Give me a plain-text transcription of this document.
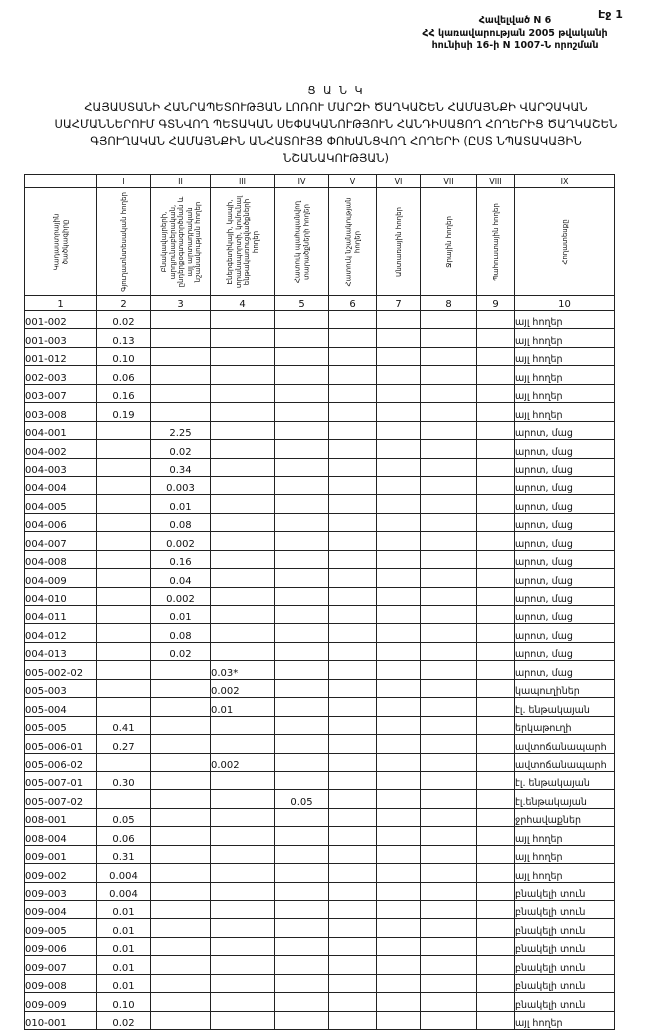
Էջ 1
Հավելված N 6
ՀՀ կառավարության 2005 թվականի
հունիսի 16-ի N 1007-Ն որոշման
Ց Ա Ն Կ
ՀԱՅԱՍՏԱՆԻ ՀԱՆՐԱՊԵՏՈՒԹՅԱՆ ԼՈՌՈՒ ՄԱՐԶԻ ԾԱՂԿԱՇԵՆ ՀԱՄԱՅՆՔԻ ՎԱՐՉԱԿԱՆ
ՍԱՀՄԱՆՆԵՐՈՒՄ ԳՏՆՎՈՂ ՊԵՏԱԿԱՆ ՍԵՓԱԿԱՆՈՒԹՅՈՒՆ ՀԱՆԴԻՍԱՑՈՂ ՀՈՂԵՐԻՑ ԾԱՂԿԱՇԵՆ
ԳՅՈՒՂԱԿԱՆ ՀԱՄԱՅՆՔԻՆ ԱՆՀԱՏՈՒՅՑ ՓՈԽԱՆՑՎՈՂ ՀՈՂԵՐԻ (ԸՍՏ ՆՊԱՏԱԿԱՅԻՆ
ՆՇԱՆԱԿՈՒԹՅԱՆ)
	I	II	III	IV	V	VI	VII	VIII	IX

Կադաստրային ծածկագիրը	Գյուղատնտեսական հողեր	Բնակավայրերի, արդյունաբերական, ընդերքօգտագործման և այլ արտադրական նշանակության հողեր	Էներգետիկայի, կապի, տրանսպորտի, կոմունալ ենթակառուցվածքների հողեր	Հատուկ պահպանվող տարածքների հողեր	Հատուկ նշանակության հողեր	Անտառային հողեր	Ջրային հողեր	Պահուստային հողեր	Հողատեսքը

1	2	3	4	5	6	7	8	9	10
001-002	0.02								այլ հողեր
001-003	0.13								այլ հողեր
001-012	0.10								այլ հողեր
002-003	0.06								այլ հողեր
003-007	0.16								այլ հողեր
003-008	0.19								այլ հողեր
004-001		2.25							արոտ, մաց
004-002		0.02							արոտ, մաց
004-003		0.34							արոտ, մաց
004-004		0.003							արոտ, մաց
004-005		0.01							արոտ, մաց
004-006		0.08							արոտ, մաց
004-007		0.002							արոտ, մաց
004-008		0.16							արոտ, մաց
004-009		0.04							արոտ, մաց
004-010		0.002							արոտ, մաց
004-011		0.01							արոտ, մաց
004-012		0.08							արոտ, մաց
004-013		0.02							արոտ, մաց
005-002-02			0.03*						արոտ, մաց
005-003			0.002						կապուղիներ
005-004			0.01						էլ. ենթակայան
005-005	0.41								երկաթուղի
005-006-01	0.27								ավտոճանապարհ
005-006-02			0.002						ավտոճանապարհ
005-007-01	0.30								էլ. ենթակայան
005-007-02				0.05					էլ.ենթակայան
008-001	0.05								ջրհավաքներ
008-004	0.06								այլ հողեր
009-001	0.31								այլ հողեր
009-002	0.004								այլ հողեր
009-003	0.004								բնակելի տուն
009-004	0.01								բնակելի տուն
009-005	0.01								բնակելի տուն
009-006	0.01								բնակելի տուն
009-007	0.01								բնակելի տուն
009-008	0.01								բնակելի տուն
009-009	0.10								բնակելի տուն
010-001	0.02								այլ հողեր
